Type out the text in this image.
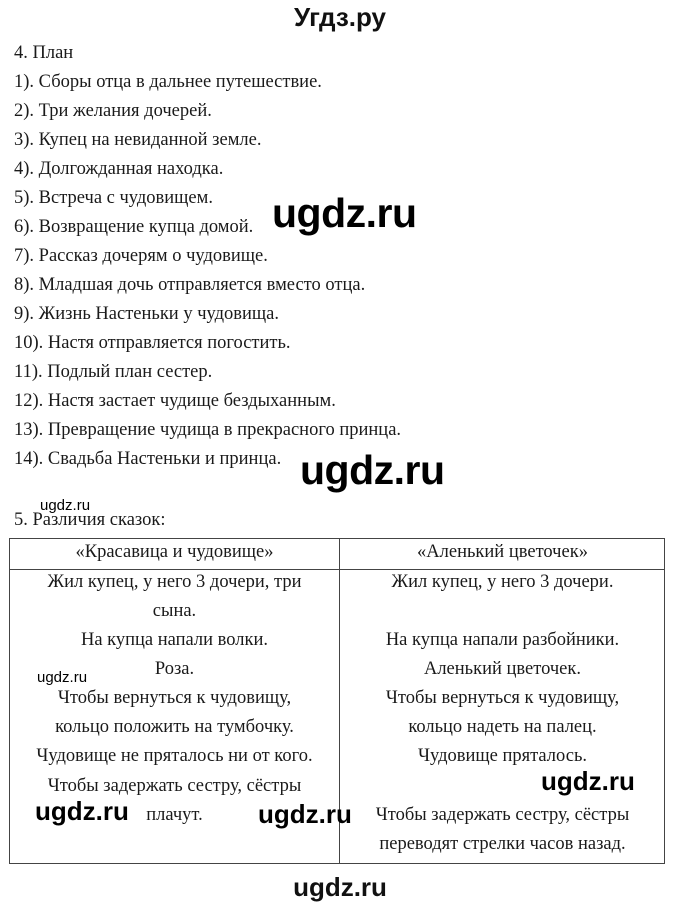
Угдз.ру
4. План
1). Сборы отца в дальнее путешествие.
2). Три желания дочерей.
3). Купец на невиданной земле.
4). Долгожданная находка.
5). Встреча с чудовищем.
6). Возвращение купца домой.
7). Рассказ дочерям о чудовище.
8). Младшая дочь отправляется вместо отца.
9). Жизнь Настеньки у чудовища.
10). Настя отправляется погостить.
11). Подлый план сестер.
12). Настя застает чудище бездыханным.
13). Превращение чудища в прекрасного принца.
14). Свадьба Настеньки и принца.
ugdz.ru
ugdz.ru
ugdz.ru
5. Различия сказок:
«Красавица и чудовище»	«Аленький цветочек»
Жил купец, у него 3 дочери, три
сына.
На купца напали волки.
Роза.
Чтобы вернуться к чудовищу,
кольцо положить на тумбочку.
Чудовище не пряталось ни от кого.
Чтобы задержать сестру, сёстры
плачут.
Жил купец, у него 3 дочери.
На купца напали разбойники.
Аленький цветочек.
Чтобы вернуться к чудовищу,
кольцо надеть на палец.
Чудовище пряталось.
Чтобы задержать сестру, сёстры
переводят стрелки часов назад.
ugdz.ru
ugdz.ru
ugdz.ru	ugdz.ru
ugdz.ru
